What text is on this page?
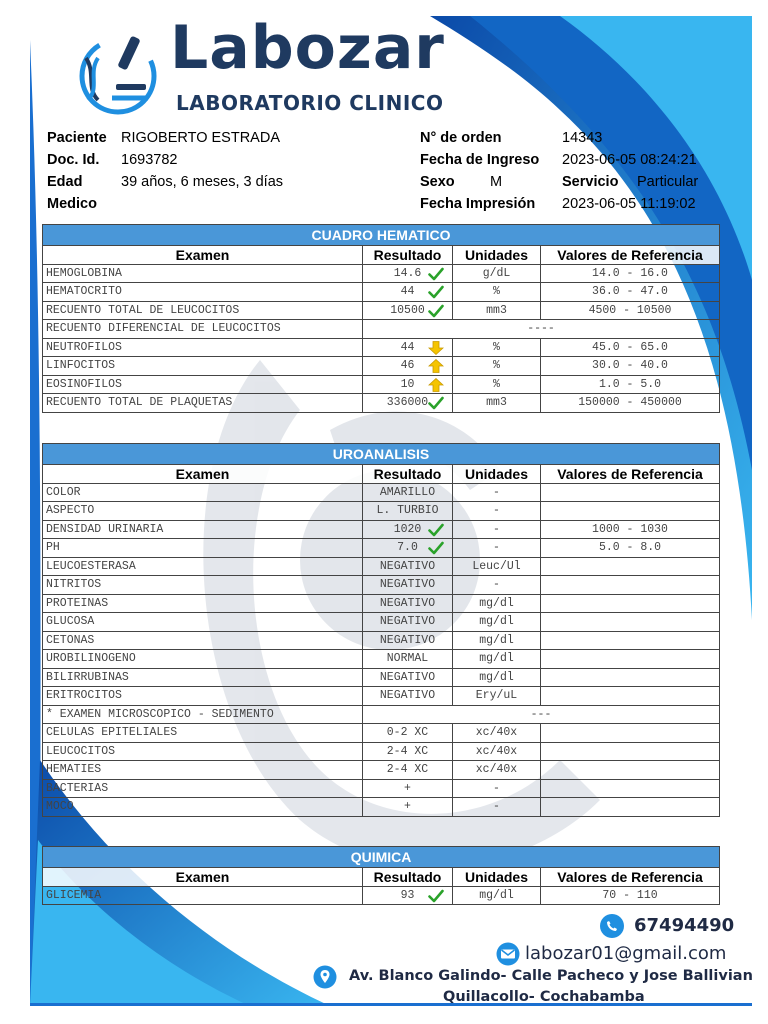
Labozar
LABORATORIO CLINICO
Paciente RIGOBERTO ESTRADA
Doc. Id. 1693782
Edad	39 años, 6 meses, 3 días
Medico
N° de orden	14343
Fecha de Ingreso 2023-06-05 08:24:21
Sexo M	Servicio Particular
Fecha Impresión 2023-06-05 11:19:02
CUADRO HEMATICO			
Examen	Resultado	Unidades	Valores de Referencia
HEMOGLOBINA	14.6	g/dL	14.0 - 16.0
HEMATOCRITO	44	%	36.0 - 47.0
RECUENTO TOTAL DE LEUCOCITOS	10500	mm3	4500 - 10500
RECUENTO DIFERENCIAL DE LEUCOCITOS	----		
NEUTROFILOS	44	%	45.0 - 65.0
LINFOCITOS	46	%	30.0 - 40.0
EOSINOFILOS	10	%	1.0 - 5.0
RECUENTO TOTAL DE PLAQUETAS	336000	mm3	150000 - 450000
UROANALISIS			
Examen	Resultado	Unidades	Valores de Referencia
COLOR	AMARILLO	-	
ASPECTO	L. TURBIO	-	
DENSIDAD URINARIA	1020	-	1000 - 1030
PH	7.0	-	5.0 - 8.0
LEUCOESTERASA	NEGATIVO	Leuc/Ul	
NITRITOS	NEGATIVO	-	
PROTEINAS	NEGATIVO	mg/dl	
GLUCOSA	NEGATIVO	mg/dl	
CETONAS	NEGATIVO	mg/dl	
UROBILINOGENO	NORMAL	mg/dl	
BILIRRUBINAS	NEGATIVO	mg/dl	
ERITROCITOS	NEGATIVO	Ery/uL	
* EXAMEN MICROSCOPICO - SEDIMENTO	---		
CELULAS EPITELIALES	0-2 XC	xc/40x	
LEUCOCITOS	2-4 XC	xc/40x	
HEMATIES	2-4 XC	xc/40x	
BACTERIAS	+	-	
MOCO	+	-	
QUIMICA			
Examen	Resultado	Unidades	Valores de Referencia
GLICEMIA	93	mg/dl	70 - 110
67494490
labozar01@gmail.com
Av. Blanco Galindo- Calle Pacheco y Jose Ballivian
Quillacollo- Cochabamba
